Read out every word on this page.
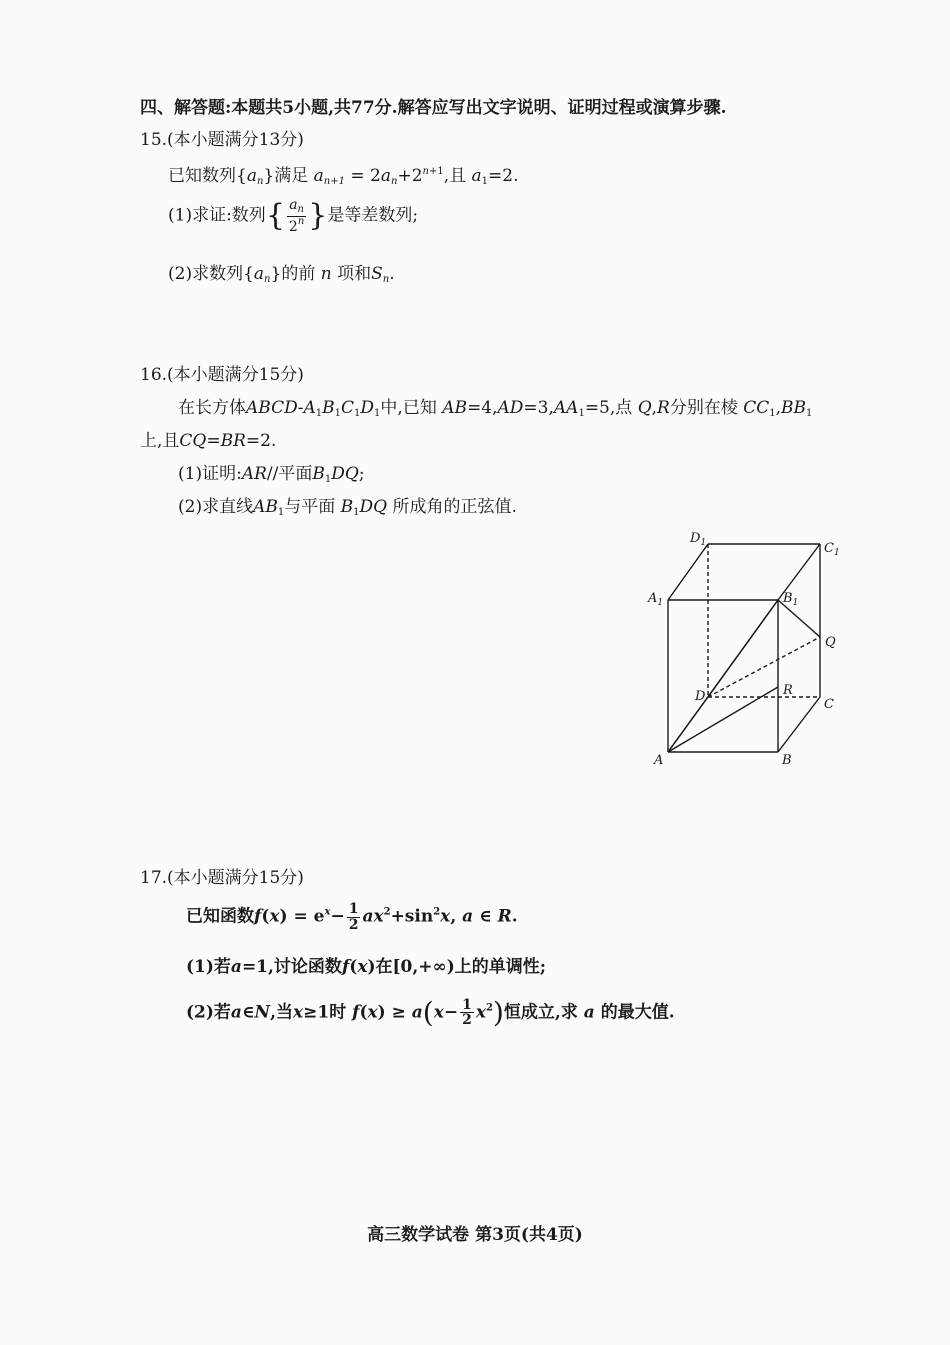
四、解答题:本题共5小题,共77分.解答应写出文字说明、证明过程或演算步骤.
15.(本小题满分13分)
已知数列$\{a_n\}$满足 $a_{n+1} = 2a_n+2^{n+1}$,且 $a_1=2$.
(1)求证:数列{ $\frac{a_n}{2^n}$ }是等差数列;
(2)求数列$\{a_n\}$的前 n 项和$S_n$.
16.(本小题满分15分)
在长方体ABCD-$A_1B_1C_1D_1$中,已知 $AB=4,AD=3,AA_1=5$,点 Q,R分别在棱 $CC_1,BB_1$
上,且CQ=BR=2.
(1)证明:AR//平面$B_1DQ$;
(2)求直线$AB_1$与平面 $B_1DQ$ 所成角的正弦值.
$D_1$	$C_1$
$A_1$	$B_1$
Q
R
D
C
A	B
17.(本小题满分15分)
已知函数$f(x) = e^x- \frac{1}{2} ax^2+\sin^2x$, a ∈ R.
(1)若a=1,讨论函数f(x)在[0,+∞)上的单调性;
(2)若a∈N,当x≥1时 $f(x) \ge a(x- \frac{1}{2} x^2)$恒成立,求 a 的最大值.
高三数学试卷 第3页(共4页)
